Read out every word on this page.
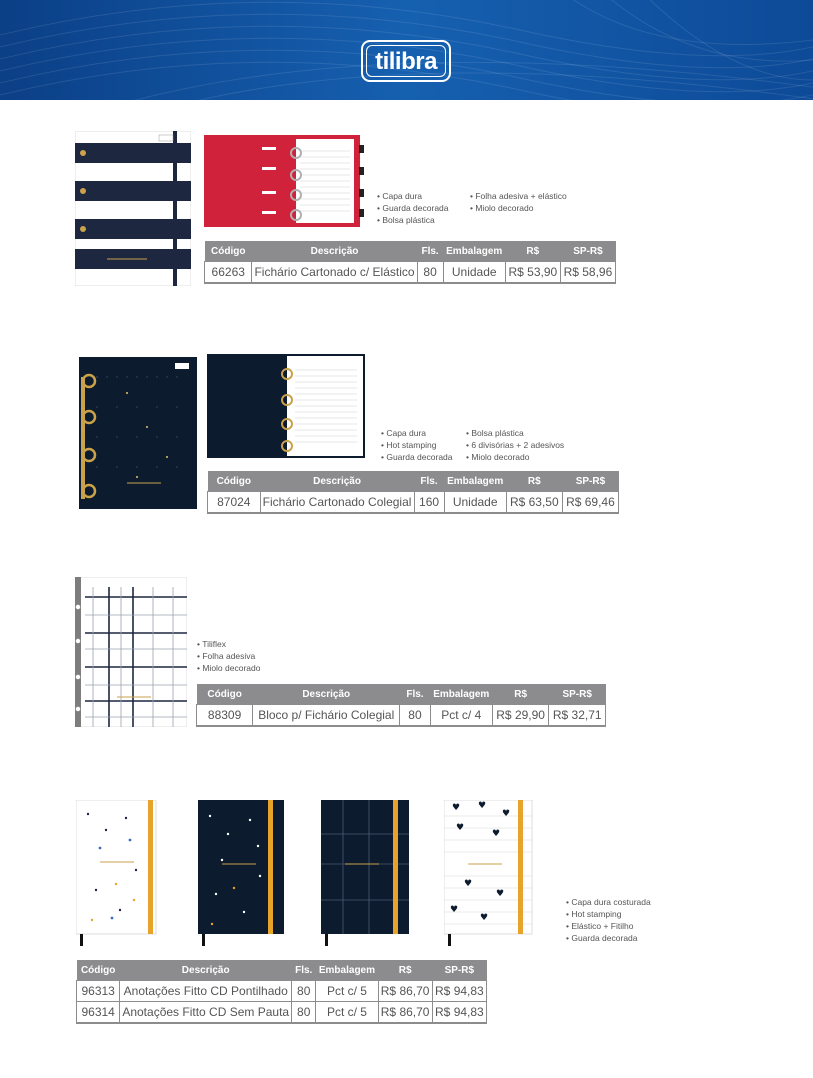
tilibra
• Capa dura
• Guarda decorada
• Bolsa plástica
• Folha adesiva + elástico
• Miolo decorado
Código	Descrição	Fls.	Embalagem	R$	SP-R$
66263	Fichário Cartonado c/ Elástico	80	Unidade	R$ 53,90	R$ 58,96
• Capa dura
• Hot stamping
• Guarda decorada
• Bolsa plástica
• 6 divisórias + 2 adesivos
• Miolo decorado
Código	Descrição	Fls.	Embalagem	R$	SP-R$
87024	Fichário Cartonado Colegial	160	Unidade	R$ 63,50	R$ 69,46
• Tiliflex
• Folha adesiva
• Miolo decorado
Código	Descrição	Fls.	Embalagem	R$	SP-R$
88309	Bloco p/ Fichário Colegial	80	Pct c/ 4	R$ 29,90	R$ 32,71
♥ ♥
♥
♥
♥
♥
♥
♥
♥
• Capa dura costurada
• Hot stamping
• Elástico + Fitilho
• Guarda decorada
Código	Descrição	Fls.	Embalagem	R$	SP-R$
96313	Anotações Fitto CD Pontilhado	80	Pct c/ 5	R$ 86,70	R$ 94,83
96314	Anotações Fitto CD Sem Pauta	80	Pct c/ 5	R$ 86,70	R$ 94,83
